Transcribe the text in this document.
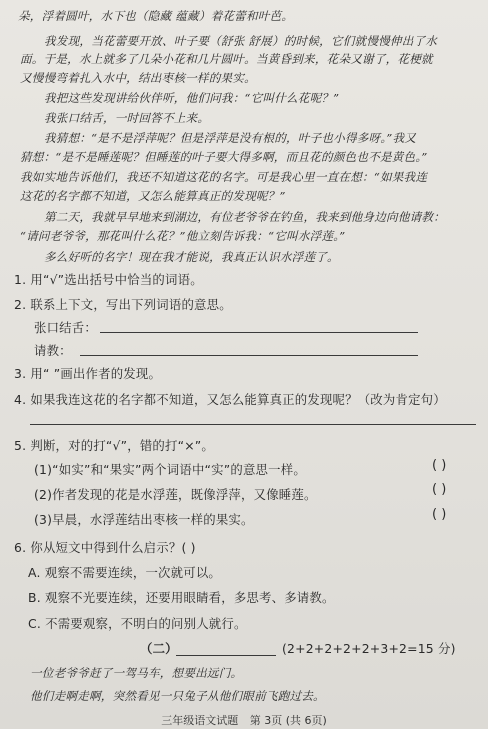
朵，浮着圆叶，水下也（隐藏 蕴藏）着花蕾和叶芭。
我发现，当花蕾要开放、叶子要（舒张 舒展）的时候，它们就慢慢伸出了水
面。于是，水上就多了几朵小花和几片圆叶。当黄昏到来，花朵又谢了，花梗就
又慢慢弯着扎入水中，结出枣核一样的果实。
我把这些发现讲给伙伴听，他们问我：“它叫什么花呢？”
我张口结舌，一时回答不上来。
我猜想：“是不是浮萍呢？但是浮萍是没有根的，叶子也小得多呀。”我又
猜想：“是不是睡莲呢？但睡莲的叶子要大得多啊，而且花的颜色也不是黄色。”
我如实地告诉他们，我还不知道这花的名字。可是我心里一直在想：“如果我连
这花的名字都不知道，又怎么能算真正的发现呢？”
第二天，我就早早地来到湖边，有位老爷爷在钓鱼，我来到他身边向他请教：
“请问老爷爷，那花叫什么花？”他立刻告诉我：“它叫水浮莲。”
多么好听的名字！现在我才能说，我真正认识水浮莲了。
1. 用“√”选出括号中恰当的词语。
2. 联系上下文，写出下列词语的意思。
张口结舌：
请教：
3. 用“ ”画出作者的发现。
4. 如果我连这花的名字都不知道，又怎么能算真正的发现呢？（改为肯定句）
5. 判断，对的打“√”，错的打“×”。
(1)“如实”和“果实”两个词语中“实”的意思一样。	( )
(2)作者发现的花是水浮莲，既像浮萍，又像睡莲。	( )
(3)早晨，水浮莲结出枣核一样的果实。	( )
6. 你从短文中得到什么启示？( )
A. 观察不需要连续，一次就可以。
B. 观察不光要连续，还要用眼睛看，多思考、多请教。
C. 不需要观察，不明白的问别人就行。
（二）	(2+2+2+2+2+3+2=15 分)
一位老爷爷赶了一驾马车，想要出远门。
他们走啊走啊，突然看见一只兔子从他们眼前飞跑过去。
三年级语文试题 第 3页 (共 6页)
